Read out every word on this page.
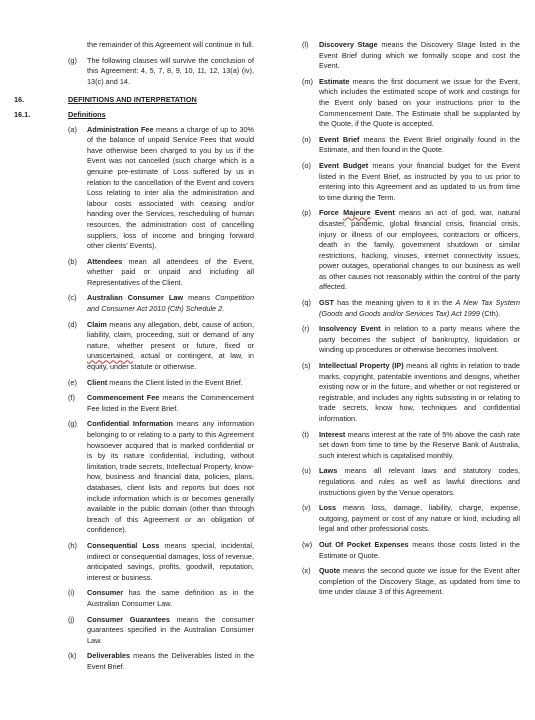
the remainder of this Agreement will continue in full.

(g)	The following clauses will survive the conclusion of this Agreement: 4, 5, 7, 8, 9, 10, 11, 12, 13(a) (iv), 13(c) and 14.
16.	DEFINITIONS AND INTERPRETATION
16.1.	Definitions
(a)	Administration Fee means a charge of up to 30% of the balance of unpaid Service Fees that would have otherwise been charged to you by us if the Event was not cancelled (such charge which is a genuine pre-estimate of Loss suffered by us in relation to the cancellation of the Event and covers Loss relating to inter alia the administration and labour costs associated with ceasing and/or handing over the Services, rescheduling of human resources, the administration cost of cancelling suppliers, loss of income and bringing forward other clients' Events).
(b)	Attendees mean all attendees of the Event, whether paid or unpaid and including all Representatives of the Client.
(c)	Australian Consumer Law means Competition and Consumer Act 2010 (Cth) Schedule 2.
(d)	Claim means any allegation, debt, cause of action, liability, claim, proceeding, suit or demand of any nature, whether present or future, fixed or unascertained, actual or contingent, at law, in equity, under statute or otherwise.
(e)	Client means the Client listed in the Event Brief.
(f)	Commencement Fee means the Commencement Fee listed in the Event Brief.
(g)	Confidential Information means any information belonging to or relating to a party to this Agreement howsoever acquired that is marked confidential or is by its nature confidential, including, without limitation, trade secrets, Intellectual Property, know-how, business and financial data, policies, plans, databases, client lists and reports but does not include information which is or becomes generally available in the public domain (other than through breach of this Agreement or an obligation of confidence).
(h)	Consequential Loss means special, incidental, indirect or consequential damages, loss of revenue, anticipated savings, profits, goodwill, reputation, interest or business.
(i)	Consumer has the same definition as in the Australian Consumer Law.
(j)	Consumer Guarantees means the consumer guarantees specified in the Australian Consumer Law.
(k)	Deliverables means the Deliverables listed in the Event Brief.
(l)	Discovery Stage means the Discovery Stage listed in the Event Brief during which we formally scope and cost the Event.
(m) Estimate means the first document we issue for the Event, which includes the estimated scope of work and costings for the Event only based on your instructions prior to the Commencement Date. The Estimate shall be supplanted by the Quote, if the Quote is accepted.
(n)	Event Brief means the Event Brief originally found in the Estimate, and then found in the Quote.
(o)	Event Budget means your financial budget for the Event listed in the Event Brief, as instructed by you to us prior to entering into this Agreement and as updated to us from time to time during the Term.
(p)	Force Majeure Event means an act of god, war, natural disaster, pandemic, global financial crisis, financial crisis, injury or illness of our employees, contractors or officers, death in the family, government shutdown or similar restrictions, hacking, viruses, internet connectivity issues, power outages, operational changes to our business as well as other causes not reasonably within the control of the party affected.
(q)	GST has the meaning given to it in the A New Tax System (Goods and Goods and/or Services Tax) Act 1999 (Cth).
(r)	Insolvency Event in relation to a party means where the party becomes the subject of bankruptcy, liquidation or winding up procedures or otherwise becomes insolvent.
(s)	Intellectual Property (IP) means all rights in relation to trade marks, copyright, patentable inventions and designs, whether existing now or in the future, and whether or not registered or registrable, and includes any rights subsisting in or relating to trade secrets, know how, techniques and confidential information.
(t)	Interest means interest at the rate of 5% above the cash rate set down from time to time by the Reserve Bank of Australia, such interest which is capitalised monthly.
(u)	Laws means all relevant laws and statutory codes, regulations and rules as well as lawful directions and instructions given by the Venue operators.
(v)	Loss means loss, damage, liability, charge, expense, outgoing, payment or cost of any nature or kind, including all legal and other professional costs.
(w) Out Of Pocket Expenses means those costs listed in the Estimate or Quote.
(x)	Quote means the second quote we issue for the Event after completion of the Discovery Stage, as updated from time to time under clause 3 of this Agreement.
